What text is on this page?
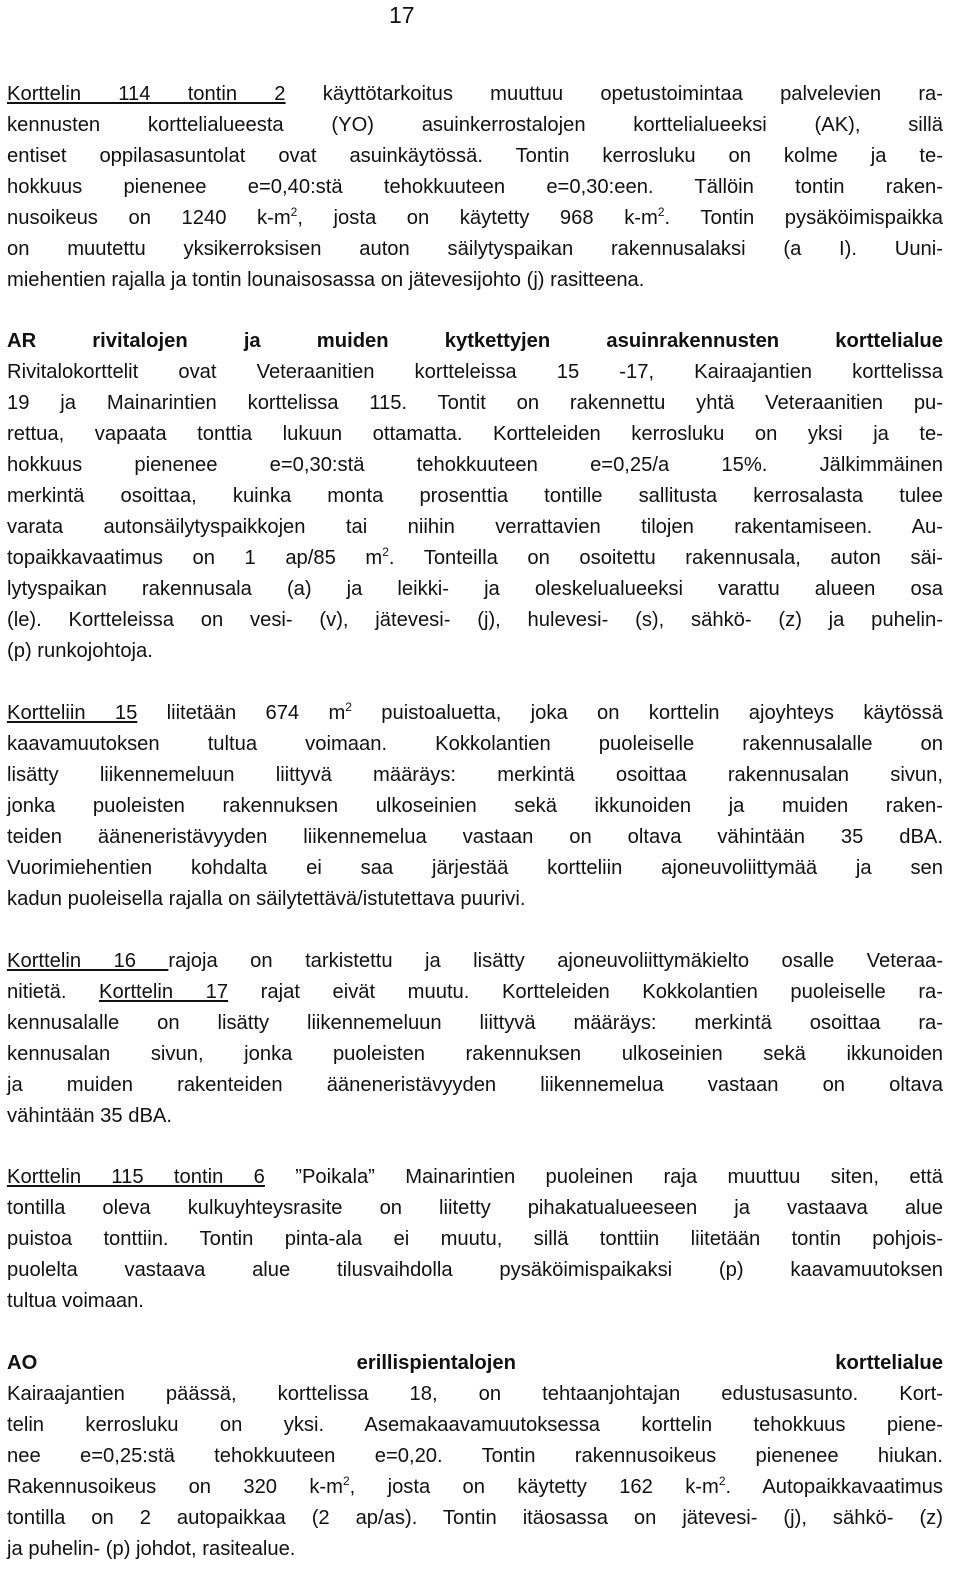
17

Korttelin 114 tontin 2 käyttötarkoitus muuttuu opetustoimintaa palvelevien ra-
kennusten korttelialueesta (YO) asuinkerrostalojen korttelialueeksi (AK), sillä
entiset oppilasasuntolat ovat asuinkäytössä. Tontin kerrosluku on kolme ja te-
hokkuus pienenee e=0,40:stä tehokkuuteen e=0,30:een. Tällöin tontin raken-
nusoikeus on 1240 $k-m^2$, josta on käytetty 968 $k-m^2$. Tontin pysäköimispaikka
on muutettu yksikerroksisen auton säilytyspaikan rakennusalaksi (a I). Uuni-
miehentien rajalla ja tontin lounaisosassa on jätevesijohto (j) rasitteena.

AR rivitalojen ja muiden kytkettyjen asuinrakennusten korttelialue
Rivitalokorttelit ovat Veteraanitien kortteleissa 15 -17, Kairaajantien korttelissa
19 ja Mainarintien korttelissa 115. Tontit on rakennettu yhtä Veteraanitien pu-
rettua, vapaata tonttia lukuun ottamatta. Kortteleiden kerrosluku on yksi ja te-
hokkuus pienenee e=0,30:stä tehokkuuteen e=0,25/a 15%. Jälkimmäinen
merkintä osoittaa, kuinka monta prosenttia tontille sallitusta kerrosalasta tulee
varata autonsäilytyspaikkojen tai niihin verrattavien tilojen rakentamiseen. Au-
topaikkavaatimus on 1 ap/85 $m^2$. Tonteilla on osoitettu rakennusala, auton säi-
lytyspaikan rakennusala (a) ja leikki- ja oleskelualueeksi varattu alueen osa
(le). Kortteleissa on vesi- (v), jätevesi- (j), hulevesi- (s), sähkö- (z) ja puhelin-
(p) runkojohtoja.

Kortteliin 15 liitetään 674 $m^2$ puistoaluetta, joka on korttelin ajoyhteys käytössä
kaavamuutoksen tultua voimaan. Kokkolantien puoleiselle rakennusalalle on
lisätty liikennemeluun liittyvä määräys: merkintä osoittaa rakennusalan sivun,
jonka puoleisten rakennuksen ulkoseinien sekä ikkunoiden ja muiden raken-
teiden ääneneristävyyden liikennemelua vastaan on oltava vähintään 35 dBA.
Vuorimiehentien kohdalta ei saa järjestää kortteliin ajoneuvoliittymää ja sen
kadun puoleisella rajalla on säilytettävä/istutettava puurivi.

Korttelin 16 rajoja on tarkistettu ja lisätty ajoneuvoliittymäkielto osalle Veteraa-
nitietä. Korttelin 17 rajat eivät muutu. Kortteleiden Kokkolantien puoleiselle ra-
kennusalalle on lisätty liikennemeluun liittyvä määräys: merkintä osoittaa ra-
kennusalan sivun, jonka puoleisten rakennuksen ulkoseinien sekä ikkunoiden
ja muiden rakenteiden ääneneristävyyden liikennemelua vastaan on oltava
vähintään 35 dBA.

Korttelin 115 tontin 6 ”Poikala” Mainarintien puoleinen raja muuttuu siten, että
tontilla oleva kulkuyhteysrasite on liitetty pihakatualueeseen ja vastaava alue
puistoa tonttiin. Tontin pinta-ala ei muutu, sillä tonttiin liitetään tontin pohjois-
puolelta vastaava alue tilusvaihdolla pysäköimispaikaksi (p) kaavamuutoksen
tultua voimaan.

AO erillispientalojen korttelialue
Kairaajantien päässä, korttelissa 18, on tehtaanjohtajan edustusasunto. Kort-
telin kerrosluku on yksi. Asemakaavamuutoksessa korttelin tehokkuus piene-
nee e=0,25:stä tehokkuuteen e=0,20. Tontin rakennusoikeus pienenee hiukan.
Rakennusoikeus on 320 $k-m^2$, josta on käytetty 162 $k-m^2$. Autopaikkavaatimus
tontilla on 2 autopaikkaa (2 ap/as). Tontin itäosassa on jätevesi- (j), sähkö- (z)
ja puhelin- (p) johdot, rasitealue.
